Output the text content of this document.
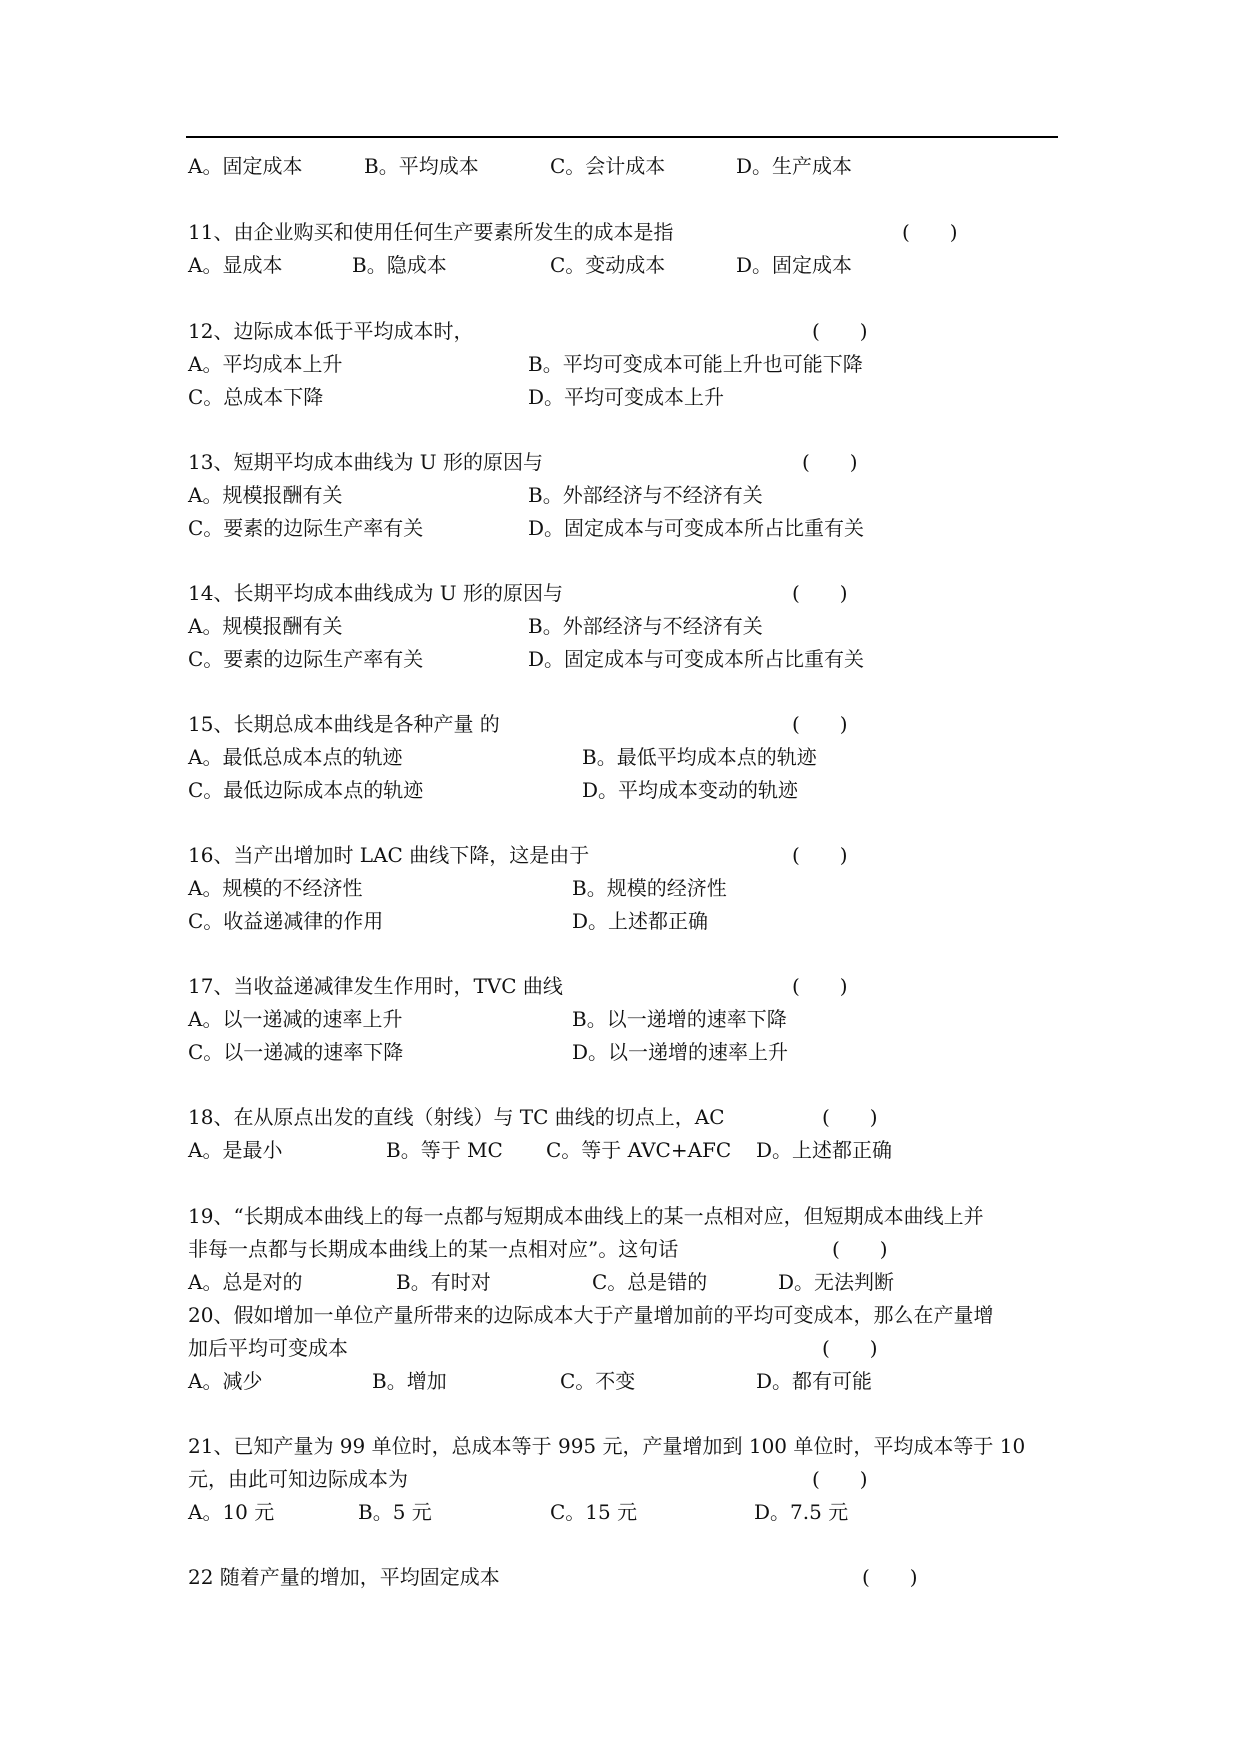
A。固定成本	B。平均成本	C。会计成本	D。生产成本
11、由企业购买和使用任何生产要素所发生的成本是指	(　　)
A。显成本	B。隐成本	C。变动成本	D。固定成本
12、边际成本低于平均成本时，	(　　)
A。平均成本上升	B。平均可变成本可能上升也可能下降
C。总成本下降	D。平均可变成本上升
13、短期平均成本曲线为 U 形的原因与	(　　)
A。规模报酬有关	B。外部经济与不经济有关
C。要素的边际生产率有关	D。固定成本与可变成本所占比重有关
14、长期平均成本曲线成为 U 形的原因与	(　　)
A。规模报酬有关	B。外部经济与不经济有关
C。要素的边际生产率有关	D。固定成本与可变成本所占比重有关
15、长期总成本曲线是各种产量 的	(　　)
A。最低总成本点的轨迹	B。最低平均成本点的轨迹
C。最低边际成本点的轨迹	D。平均成本变动的轨迹
16、当产出增加时 LAC 曲线下降，这是由于	(　　)
A。规模的不经济性	B。规模的经济性
C。收益递减律的作用	D。上述都正确
17、当收益递减律发生作用时，TVC 曲线	(　　)
A。以一递减的速率上升	B。以一递增的速率下降
C。以一递减的速率下降	D。以一递增的速率上升
18、在从原点出发的直线（射线）与 TC 曲线的切点上，AC	(　　)
A。是最小	B。等于 MC C。等于 AVC+AFC D。上述都正确
19、“长期成本曲线上的每一点都与短期成本曲线上的某一点相对应，但短期成本曲线上并
非每一点都与长期成本曲线上的某一点相对应”。这句话	(　　)
A。总是对的	B。有时对	C。总是错的	D。无法判断
20、假如增加一单位产量所带来的边际成本大于产量增加前的平均可变成本，那么在产量增
加后平均可变成本	(　　)
A。减少	B。增加	C。不变	D。都有可能
21、已知产量为 99 单位时，总成本等于 995 元，产量增加到 100 单位时，平均成本等于 10
元，由此可知边际成本为	(　　)
A。10 元	B。5 元	C。15 元	D。7.5 元
22 随着产量的增加，平均固定成本	(　　)
